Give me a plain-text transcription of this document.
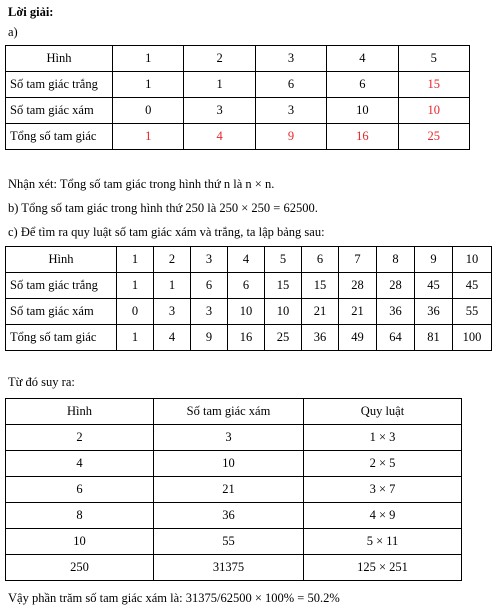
Lời giải:
a)
Hình	1	2	3	4	5
Số tam giác trắng	1	1	6	6	15
Số tam giác xám	0	3	3	10	10
Tổng số tam giác	1	4	9	16	25
Nhận xét: Tổng số tam giác trong hình thứ n là n × n.
b) Tổng số tam giác trong hình thứ 250 là 250 × 250 = 62500.
c) Để tìm ra quy luật số tam giác xám và trắng, ta lập bảng sau:
Hình	1	2	3	4	5	6	7	8	9	10
Số tam giác trắng	1	1	6	6	15	15	28	28	45	45
Số tam giác xám	0	3	3	10	10	21	21	36	36	55
Tổng số tam giác	1	4	9	16	25	36	49	64	81	100
Từ đó suy ra:
Hình	Số tam giác xám	Quy luật
2	3	1 × 3
4	10	2 × 5
6	21	3 × 7
8	36	4 × 9
10	55	5 × 11
250	31375	125 × 251
Vậy phần trăm số tam giác xám là: 31375/62500 × 100% = 50.2%
